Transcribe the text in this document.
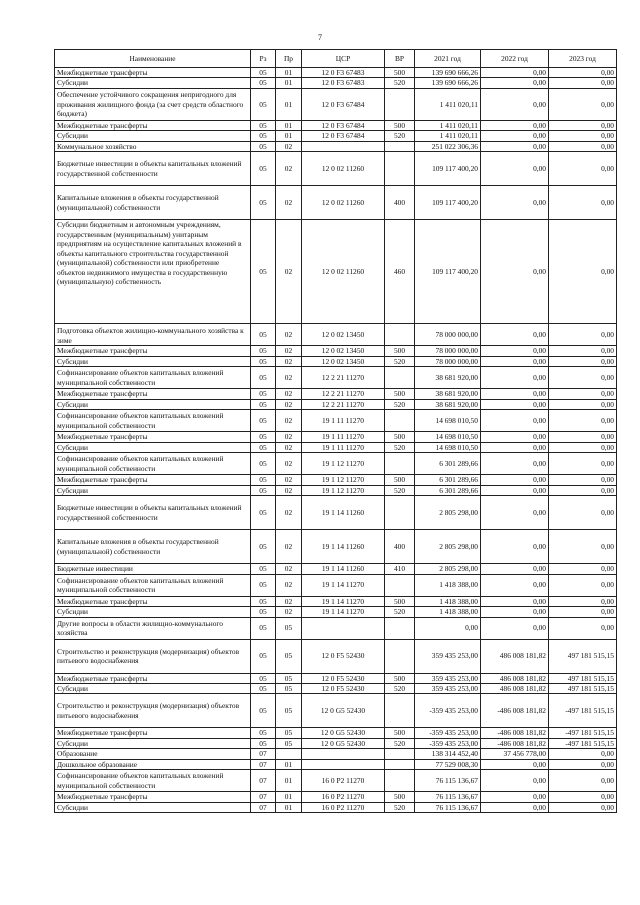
7
Наименование	Рз	Пр	ЦСР	ВР	2021 год	2022 год	2023 год
Межбюджетные трансферты	05	01	12 0 F3 67483	500	139 690 666,26	0,00	0,00
Субсидии	05	01	12 0 F3 67483	520	139 690 666,26	0,00	0,00
Обеспечение устойчивого сокращения непригодного для проживания жилищного фонда (за счет средств областного бюджета)	05	01	12 0 F3 67484		1 411 020,11	0,00	0,00
Межбюджетные трансферты	05	01	12 0 F3 67484	500	1 411 020,11	0,00	0,00
Субсидии	05	01	12 0 F3 67484	520	1 411 020,11	0,00	0,00
Коммунальное хозяйство	05	02			251 022 306,36	0,00	0,00
Бюджетные инвестиции в объекты капитальных вложений государственной собственности	05	02	12 0 02 11260		109 117 400,20	0,00	0,00
Капитальные вложения в объекты государственной (муниципальной) собственности	05	02	12 0 02 11260	400	109 117 400,20	0,00	0,00
Субсидии бюджетным и автономным учреждениям, государственным (муниципальным) унитарным предприятиям на осуществление капитальных вложений в объекты капитального строительства государственной (муниципальной) собственности или приобретение объектов недвижимого имущества в государственную (муниципальную) собственность	05	02	12 0 02 11260	460	109 117 400,20	0,00	0,00
Подготовка объектов жилищно-коммунального хозяйства к зиме	05	02	12 0 02 13450		78 000 000,00	0,00	0,00
Межбюджетные трансферты	05	02	12 0 02 13450	500	78 000 000,00	0,00	0,00
Субсидии	05	02	12 0 02 13450	520	78 000 000,00	0,00	0,00
Софинансирование объектов капитальных вложений муниципальной собственности	05	02	12 2 21 11270		38 681 920,00	0,00	0,00
Межбюджетные трансферты	05	02	12 2 21 11270	500	38 681 920,00	0,00	0,00
Субсидии	05	02	12 2 21 11270	520	38 681 920,00	0,00	0,00
Софинансирование объектов капитальных вложений муниципальной собственности	05	02	19 1 11 11270		14 698 010,50	0,00	0,00
Межбюджетные трансферты	05	02	19 1 11 11270	500	14 698 010,50	0,00	0,00
Субсидии	05	02	19 1 11 11270	520	14 698 010,50	0,00	0,00
Софинансирование объектов капитальных вложений муниципальной собственности	05	02	19 1 12 11270		6 301 289,66	0,00	0,00
Межбюджетные трансферты	05	02	19 1 12 11270	500	6 301 289,66	0,00	0,00
Субсидии	05	02	19 1 12 11270	520	6 301 289,66	0,00	0,00
Бюджетные инвестиции в объекты капитальных вложений государственной собственности	05	02	19 1 14 11260		2 805 298,00	0,00	0,00
Капитальные вложения в объекты государственной (муниципальной) собственности	05	02	19 1 14 11260	400	2 805 298,00	0,00	0,00
Бюджетные инвестиции	05	02	19 1 14 11260	410	2 805 298,00	0,00	0,00
Софинансирование объектов капитальных вложений муниципальной собственности	05	02	19 1 14 11270		1 418 388,00	0,00	0,00
Межбюджетные трансферты	05	02	19 1 14 11270	500	1 418 388,00	0,00	0,00
Субсидии	05	02	19 1 14 11270	520	1 418 388,00	0,00	0,00
Другие вопросы в области жилищно-коммунального хозяйства	05	05			0,00	0,00	0,00
Строительство и реконструкция (модернизация) объектов питьевого водоснабжения	05	05	12 0 F5 52430		359 435 253,00	486 008 181,82	497 181 515,15
Межбюджетные трансферты	05	05	12 0 F5 52430	500	359 435 253,00	486 008 181,82	497 181 515,15
Субсидии	05	05	12 0 F5 52430	520	359 435 253,00	486 008 181,82	497 181 515,15
Строительство и реконструкция (модернизация) объектов питьевого водоснабжения	05	05	12 0 G5 52430		-359 435 253,00	-486 008 181,82	-497 181 515,15
Межбюджетные трансферты	05	05	12 0 G5 52430	500	-359 435 253,00	-486 008 181,82	-497 181 515,15
Субсидии	05	05	12 0 G5 52430	520	-359 435 253,00	-486 008 181,82	-497 181 515,15
Образование	07				138 314 452,40	37 456 778,00	0,00
Дошкольное образование	07	01			77 529 008,30	0,00	0,00
Софинансирование объектов капитальных вложений муниципальной собственности	07	01	16 0 P2 11270		76 115 136,67	0,00	0,00
Межбюджетные трансферты	07	01	16 0 P2 11270	500	76 115 136,67	0,00	0,00
Субсидии	07	01	16 0 P2 11270	520	76 115 136,67	0,00	0,00
